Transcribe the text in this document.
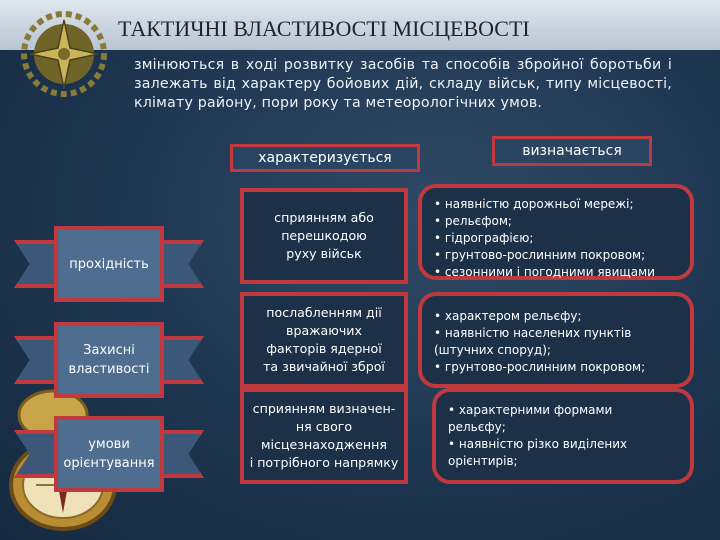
ТАКТИЧНІ ВЛАСТИВОСТІ МІСЦЕВОСТІ
змінюються в ході розвитку засобів та способів збройної боротьби і залежать від характеру бойових дій, складу військ, типу місцевості, клімату району, пори року та метеорологічних умов.
характеризується	визначається
прохідність
сприянням або
перешкодою
руху військ
• наявністю дорожньої мережі;
• рельєфом;
• гідрографією;
• грунтово-рослинним покровом;
• сезонними і погодними явищами
Захисні властивості
послабленням дії
вражаючих
факторів ядерної
та звичайної зброї
• характером рельєфу;
• наявністю населених пунктів
(штучних споруд);
• грунтово-рослинним покровом;
умови орієнтування
сприянням визначен-
ня свого
місцезнаходження
і потрібного напрямку
• характерними формами
рельєфу;
• наявністю різко виділених
орієнтирів;
